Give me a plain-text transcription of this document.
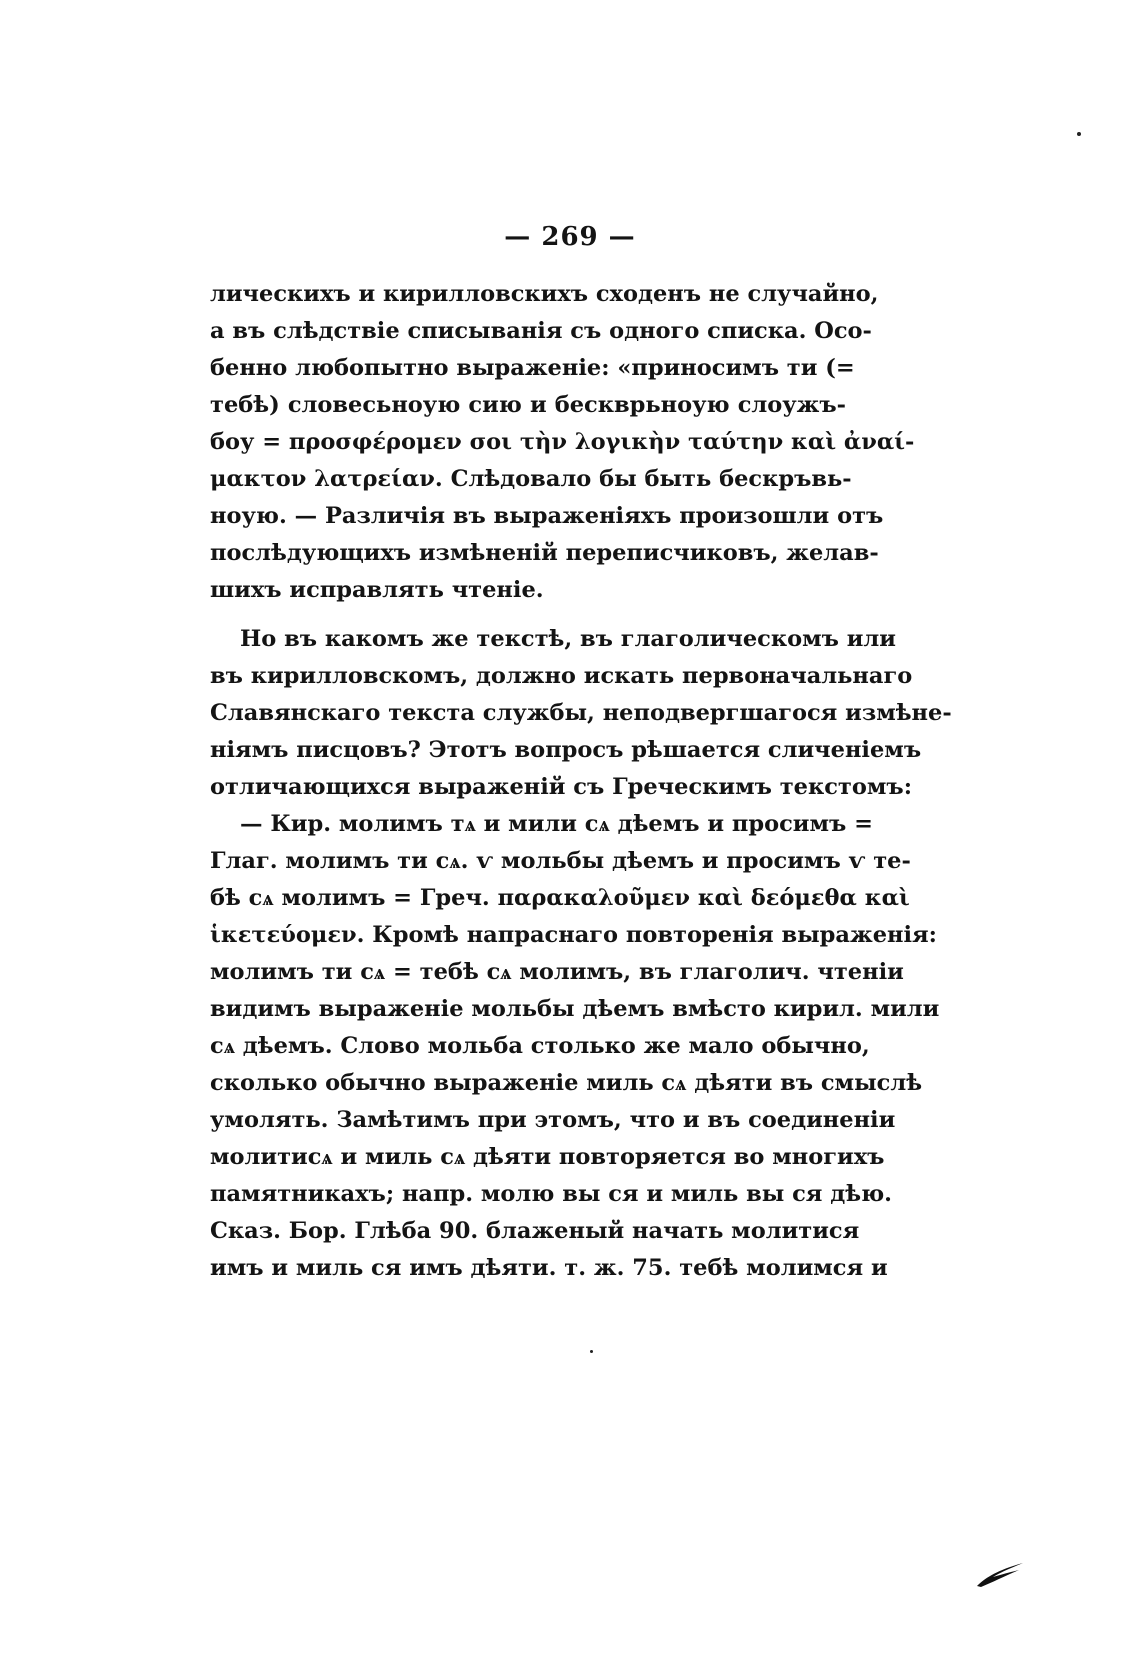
— 269 —
лическихъ и кирилловскихъ сходенъ не случайно,
а въ слѣдствіе списыванія съ одного списка. Осо-
бенно любопытно выраженіе: «приносимъ ти (=
тебѣ) словесьноую сию и бескврьноую слоужъ-
боу = προσφέρομεν σοι τὴν λογικὴν ταύτην καὶ ἀναί-
μακτον λατρείαν. Слѣдовало бы быть бескръвь-
ноую. — Различія въ выраженіяхъ произошли отъ
послѣдующихъ измѣненій переписчиковъ, желав-
шихъ исправлять чтеніе.
Но въ какомъ же текстѣ, въ глаголическомъ или
въ кирилловскомъ, должно искать первоначальнаго
Славянскаго текста службы, неподвергшагося измѣне-
ніямъ писцовъ? Этотъ вопросъ рѣшается сличеніемъ
отличающихся выраженій съ Греческимъ текстомъ:
— Кир. молимъ тѧ и мили сѧ дѣемъ и просимъ =
Глаг. молимъ ти сѧ. ѵ мольбы дѣемъ и просимъ ѵ те-
бѣ сѧ молимъ = Греч. παρακαλοῦμεν καὶ δεόμεθα καὶ
ἱκετεύομεν. Кромѣ напраснаго повторенія выраженія:
молимъ ти сѧ = тебѣ сѧ молимъ, въ глаголич. чтеніи
видимъ выраженіе мольбы дѣемъ вмѣсто кирил. мили
сѧ дѣемъ. Слово мольба столько же мало обычно,
сколько обычно выраженіе миль сѧ дѣяти въ смыслѣ
умолять. Замѣтимъ при этомъ, что и въ соединеніи
молитисѧ и миль сѧ дѣяти повторяется во многихъ
памятникахъ; напр. молю вы ся и миль вы ся дѣю.
Сказ. Бор. Глѣба 90. блаженый начать молитися
имъ и миль ся имъ дѣяти. т. ж. 75. тебѣ молимся и
